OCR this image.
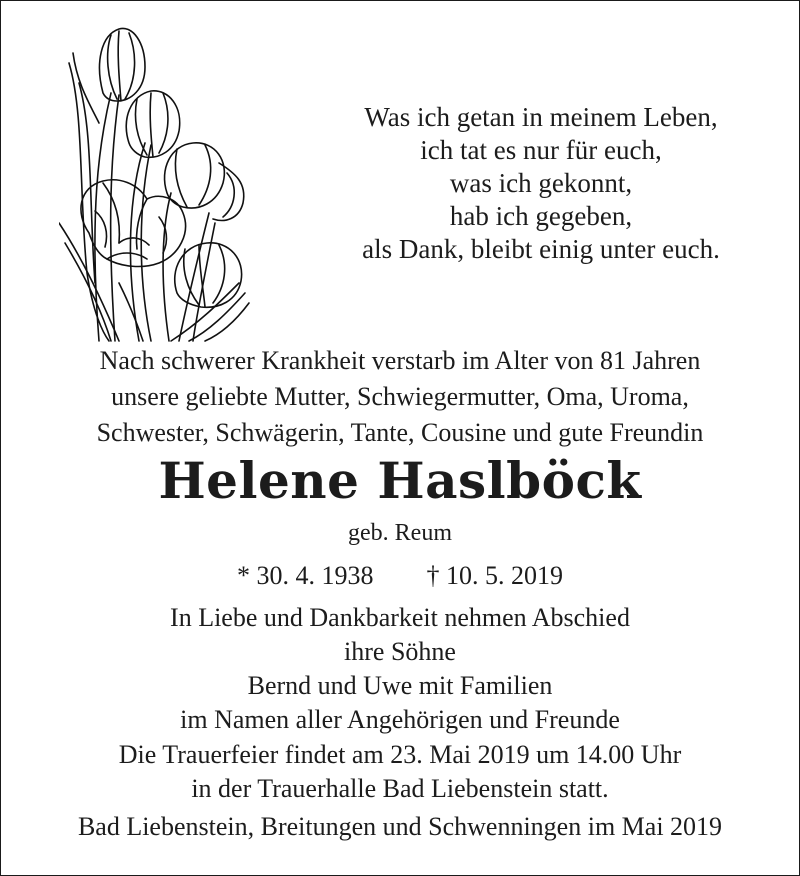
Was ich getan in meinem Leben,
ich tat es nur für euch,
was ich gekonnt,
hab ich gegeben,
als Dank, bleibt einig unter euch.
Nach schwerer Krankheit verstarb im Alter von 81 Jahren
unsere geliebte Mutter, Schwiegermutter, Oma, Uroma,
Schwester, Schwägerin, Tante, Cousine und gute Freundin
Helene Haslböck
geb. Reum
* 30. 4. 1938 † 10. 5. 2019
In Liebe und Dankbarkeit nehmen Abschied
ihre Söhne
Bernd und Uwe mit Familien
im Namen aller Angehörigen und Freunde
Die Trauerfeier findet am 23. Mai 2019 um 14.00 Uhr
in der Trauerhalle Bad Liebenstein statt.
Bad Liebenstein, Breitungen und Schwenningen im Mai 2019
